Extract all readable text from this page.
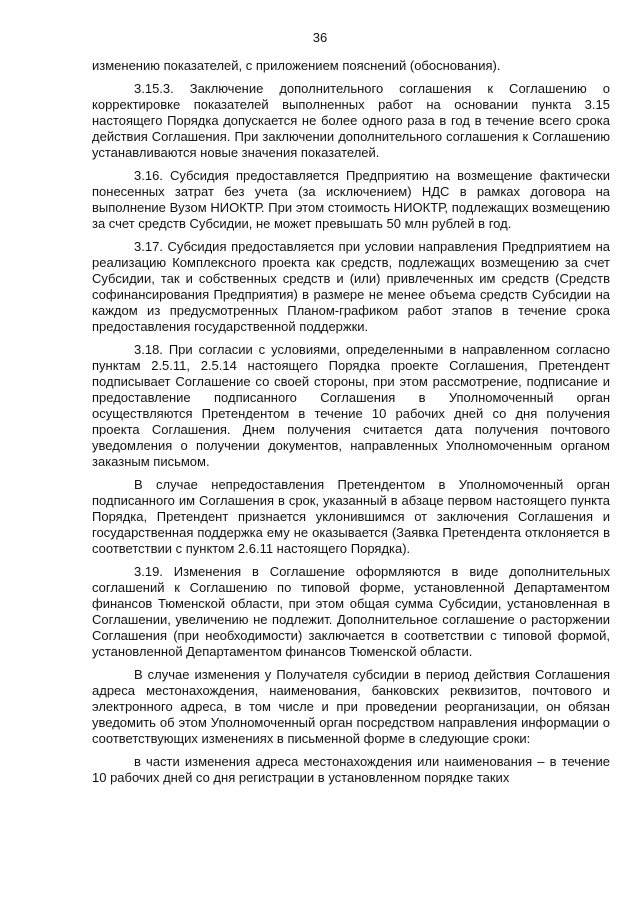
36

изменению показателей, с приложением пояснений (обоснования).

3.15.3. Заключение дополнительного соглашения к Соглашению о корректировке показателей выполненных работ на основании пункта 3.15 настоящего Порядка допускается не более одного раза в год в течение всего срока действия Соглашения. При заключении дополнительного соглашения к Соглашению устанавливаются новые значения показателей.

3.16. Субсидия предоставляется Предприятию на возмещение фактически понесенных затрат без учета (за исключением) НДС в рамках договора на выполнение Вузом НИОКТР. При этом стоимость НИОКТР, подлежащих возмещению за счет средств Субсидии, не может превышать 50 млн рублей в год.

3.17. Субсидия предоставляется при условии направления Предприятием на реализацию Комплексного проекта как средств, подлежащих возмещению за счет Субсидии, так и собственных средств и (или) привлеченных им средств (Средств софинансирования Предприятия) в размере не менее объема средств Субсидии на каждом из предусмотренных Планом-графиком работ этапов в течение срока предоставления государственной поддержки.

3.18. При согласии с условиями, определенными в направленном согласно пунктам 2.5.11, 2.5.14 настоящего Порядка проекте Соглашения, Претендент подписывает Соглашение со своей стороны, при этом рассмотрение, подписание и предоставление подписанного Соглашения в Уполномоченный орган осуществляются Претендентом в течение 10 рабочих дней со дня получения проекта Соглашения. Днем получения считается дата получения почтового уведомления о получении документов, направленных Уполномоченным органом заказным письмом.

В случае непредоставления Претендентом в Уполномоченный орган подписанного им Соглашения в срок, указанный в абзаце первом настоящего пункта Порядка, Претендент признается уклонившимся от заключения Соглашения и государственная поддержка ему не оказывается (Заявка Претендента отклоняется в соответствии с пунктом 2.6.11 настоящего Порядка).

3.19. Изменения в Соглашение оформляются в виде дополнительных соглашений к Соглашению по типовой форме, установленной Департаментом финансов Тюменской области, при этом общая сумма Субсидии, установленная в Соглашении, увеличению не подлежит. Дополнительное соглашение о расторжении Соглашения (при необходимости) заключается в соответствии с типовой формой, установленной Департаментом финансов Тюменской области.

В случае изменения у Получателя субсидии в период действия Соглашения адреса местонахождения, наименования, банковских реквизитов, почтового и электронного адреса, в том числе и при проведении реорганизации, он обязан уведомить об этом Уполномоченный орган посредством направления информации о соответствующих изменениях в письменной форме в следующие сроки:

в части изменения адреса местонахождения или наименования – в течение 10 рабочих дней со дня регистрации в установленном порядке таких
